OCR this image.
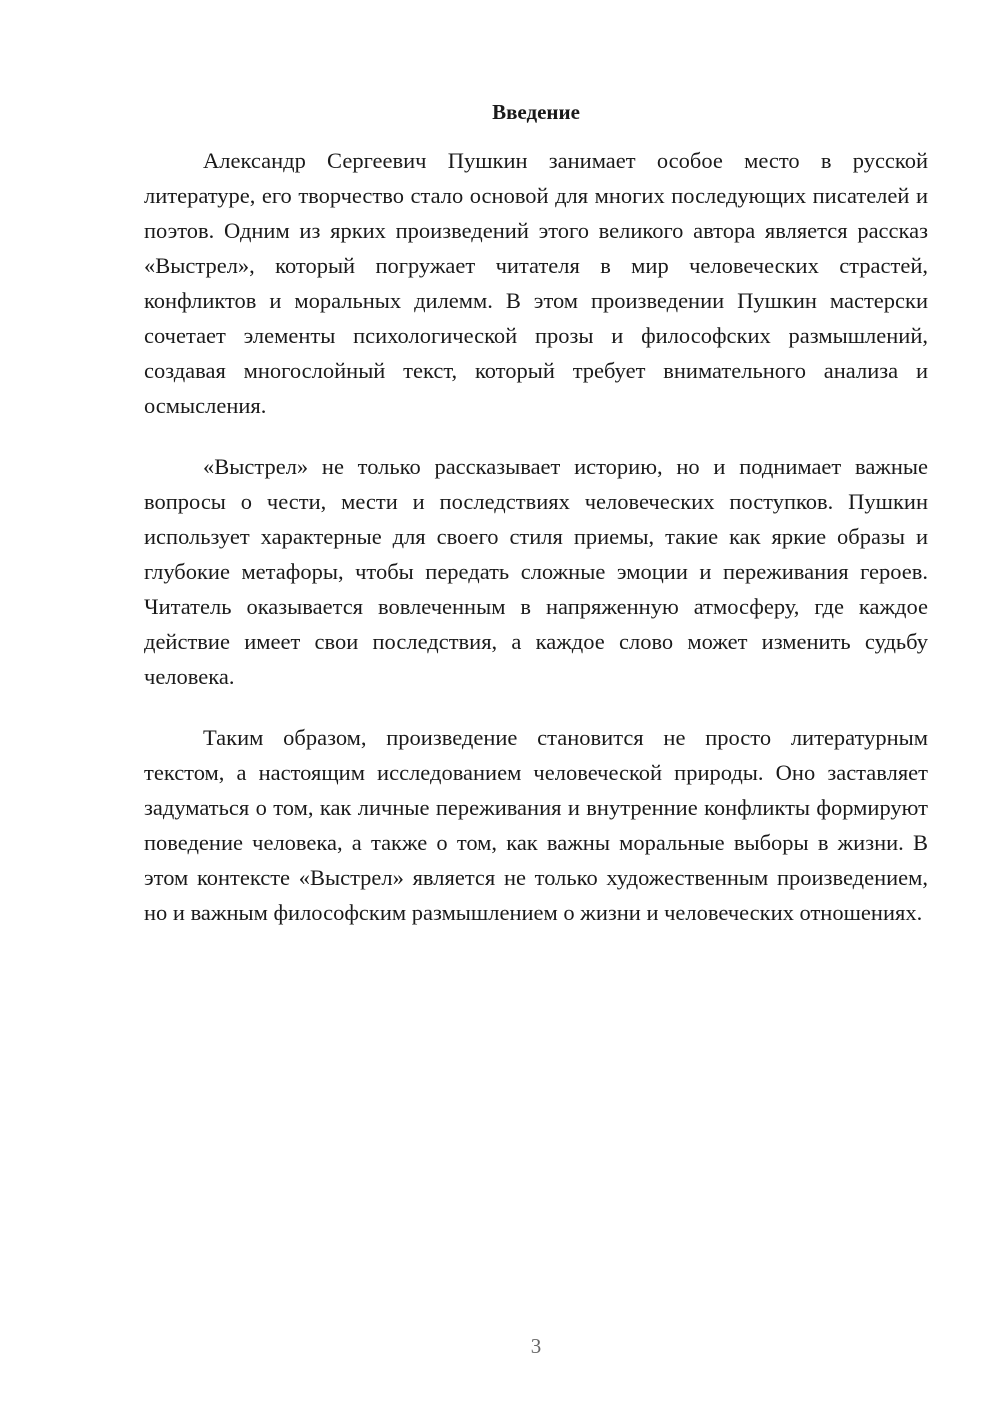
Введение

Александр Сергеевич Пушкин занимает особое место в русской литературе, его творчество стало основой для многих последующих писателей и поэтов. Одним из ярких произведений этого великого автора является рассказ «Выстрел», который погружает читателя в мир человеческих страстей, конфликтов и моральных дилемм. В этом произведении Пушкин мастерски сочетает элементы психологической прозы и философских размышлений, создавая многослойный текст, который требует внимательного анализа и осмысления.

«Выстрел» не только рассказывает историю, но и поднимает важные вопросы о чести, мести и последствиях человеческих поступков. Пушкин использует характерные для своего стиля приемы, такие как яркие образы и глубокие метафоры, чтобы передать сложные эмоции и переживания героев. Читатель оказывается вовлеченным в напряженную атмосферу, где каждое действие имеет свои последствия, а каждое слово может изменить судьбу человека.

Таким образом, произведение становится не просто литературным текстом, а настоящим исследованием человеческой природы. Оно заставляет задуматься о том, как личные переживания и внутренние конфликты формируют поведение человека, а также о том, как важны моральные выборы в жизни. В этом контексте «Выстрел» является не только художественным произведением, но и важным философским размышлением о жизни и человеческих отношениях.

3
